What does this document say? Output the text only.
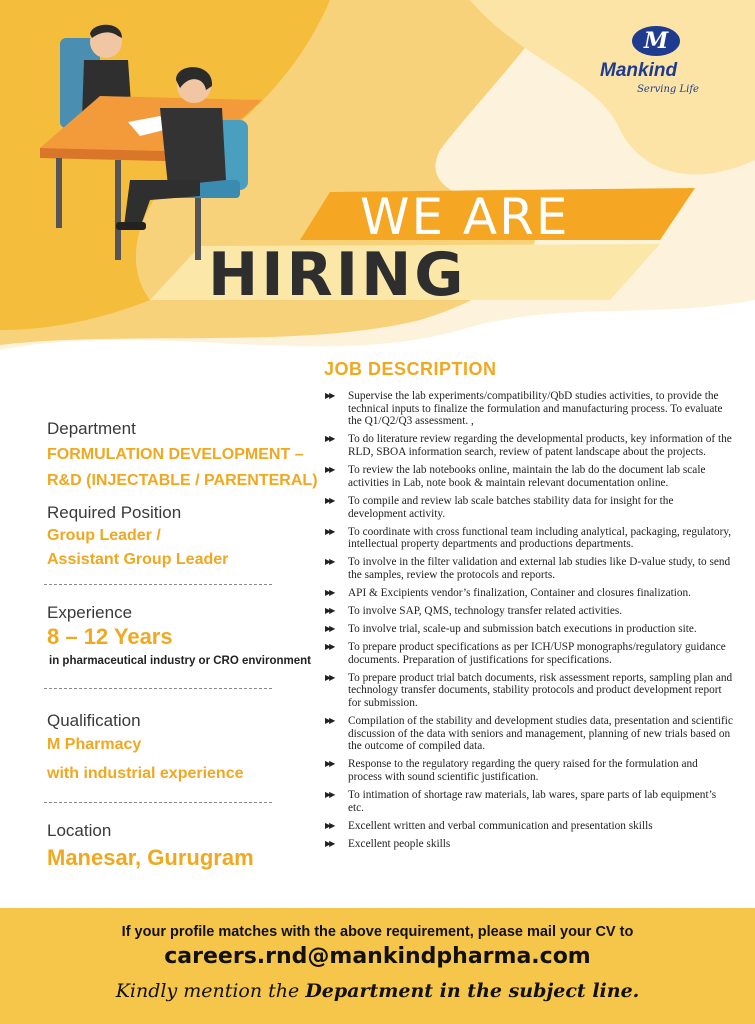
M
Mankind
Serving Life
WE ARE
HIRING
Department
FORMULATION DEVELOPMENT –
R&D (INJECTABLE / PARENTERAL)
Required Position
Group Leader /
Assistant Group Leader
Experience
8 – 12 Years
in pharmaceutical industry or CRO environment
Qualification
M Pharmacy
with industrial experience
Location
Manesar, Gurugram
JOB DESCRIPTION
▶▶ Supervise the lab experiments/compatibility/QbD studies activities, to provide the technical inputs to finalize the formulation and manufacturing process. To evaluate the Q1/Q2/Q3 assessment. ,
▶▶ To do literature review regarding the developmental products, key information of the RLD, SBOA information search, review of patent landscape about the projects.
▶▶ To review the lab notebooks online, maintain the lab do the document lab scale activities in Lab, note book & maintain relevant documentation online.
▶▶ To compile and review lab scale batches stability data for insight for the development activity.
▶▶ To coordinate with cross functional team including analytical, packaging, regulatory, intellectual property departments and productions departments.
▶▶ To involve in the filter validation and external lab studies like D-value study, to send the samples, review the protocols and reports.
▶▶ API & Excipients vendor’s finalization, Container and closures finalization.
▶▶ To involve SAP, QMS, technology transfer related activities.
▶▶ To involve trial, scale-up and submission batch executions in production site.
▶▶ To prepare product specifications as per ICH/USP monographs/regulatory guidance documents. Preparation of justifications for specifications.
▶▶ To prepare product trial batch documents, risk assessment reports, sampling plan and technology transfer documents, stability protocols and product development report for submission.
▶▶ Compilation of the stability and development studies data, presentation and scientific discussion of the data with seniors and management, planning of new trials based on the outcome of compiled data.
▶▶ Response to the regulatory regarding the query raised for the formulation and process with sound scientific justification.
▶▶ To intimation of shortage raw materials, lab wares, spare parts of lab equipment’s etc.
▶▶ Excellent written and verbal communication and presentation skills
▶▶ Excellent people skills
If your profile matches with the above requirement, please mail your CV to
careers.rnd@mankindpharma.com
Kindly mention the Department in the subject line.
